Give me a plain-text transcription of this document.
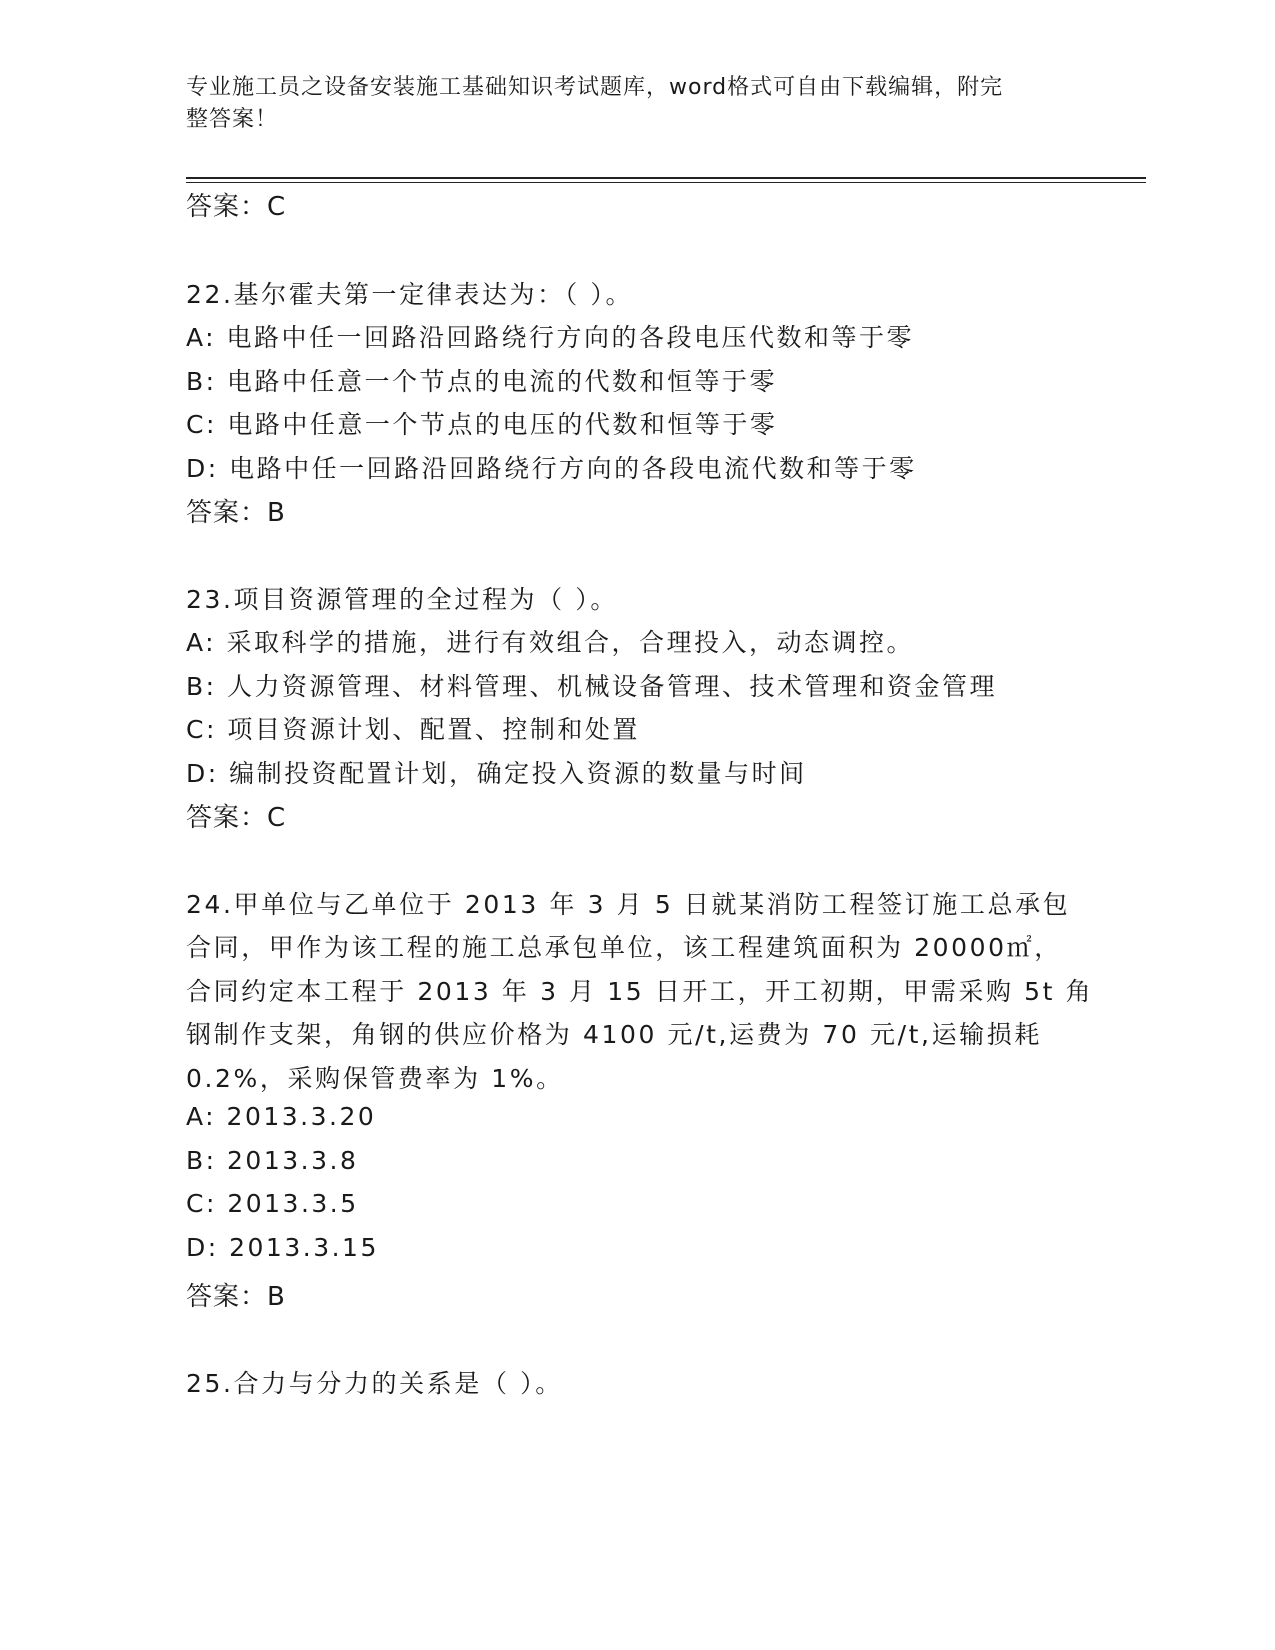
专业施工员之设备安装施工基础知识考试题库，word格式可自由下载编辑，附完
整答案！
答案：C
22.基尔霍夫第一定律表达为：（ ）。
A: 电路中任一回路沿回路绕行方向的各段电压代数和等于零
B: 电路中任意一个节点的电流的代数和恒等于零
C: 电路中任意一个节点的电压的代数和恒等于零
D: 电路中任一回路沿回路绕行方向的各段电流代数和等于零
答案：B
23.项目资源管理的全过程为（ ）。
A: 采取科学的措施，进行有效组合，合理投入，动态调控。
B: 人力资源管理、材料管理、机械设备管理、技术管理和资金管理
C: 项目资源计划、配置、控制和处置
D: 编制投资配置计划，确定投入资源的数量与时间
答案：C
24.甲单位与乙单位于 2013 年 3 月 5 日就某消防工程签订施工总承包
合同，甲作为该工程的施工总承包单位，该工程建筑面积为 20000㎡，
合同约定本工程于 2013 年 3 月 15 日开工，开工初期，甲需采购 5t 角
钢制作支架，角钢的供应价格为 4100 元/t,运费为 70 元/t,运输损耗
0.2%，采购保管费率为 1%。
A: 2013.3.20
B: 2013.3.8
C: 2013.3.5
D: 2013.3.15
答案：B
25.合力与分力的关系是（ ）。
